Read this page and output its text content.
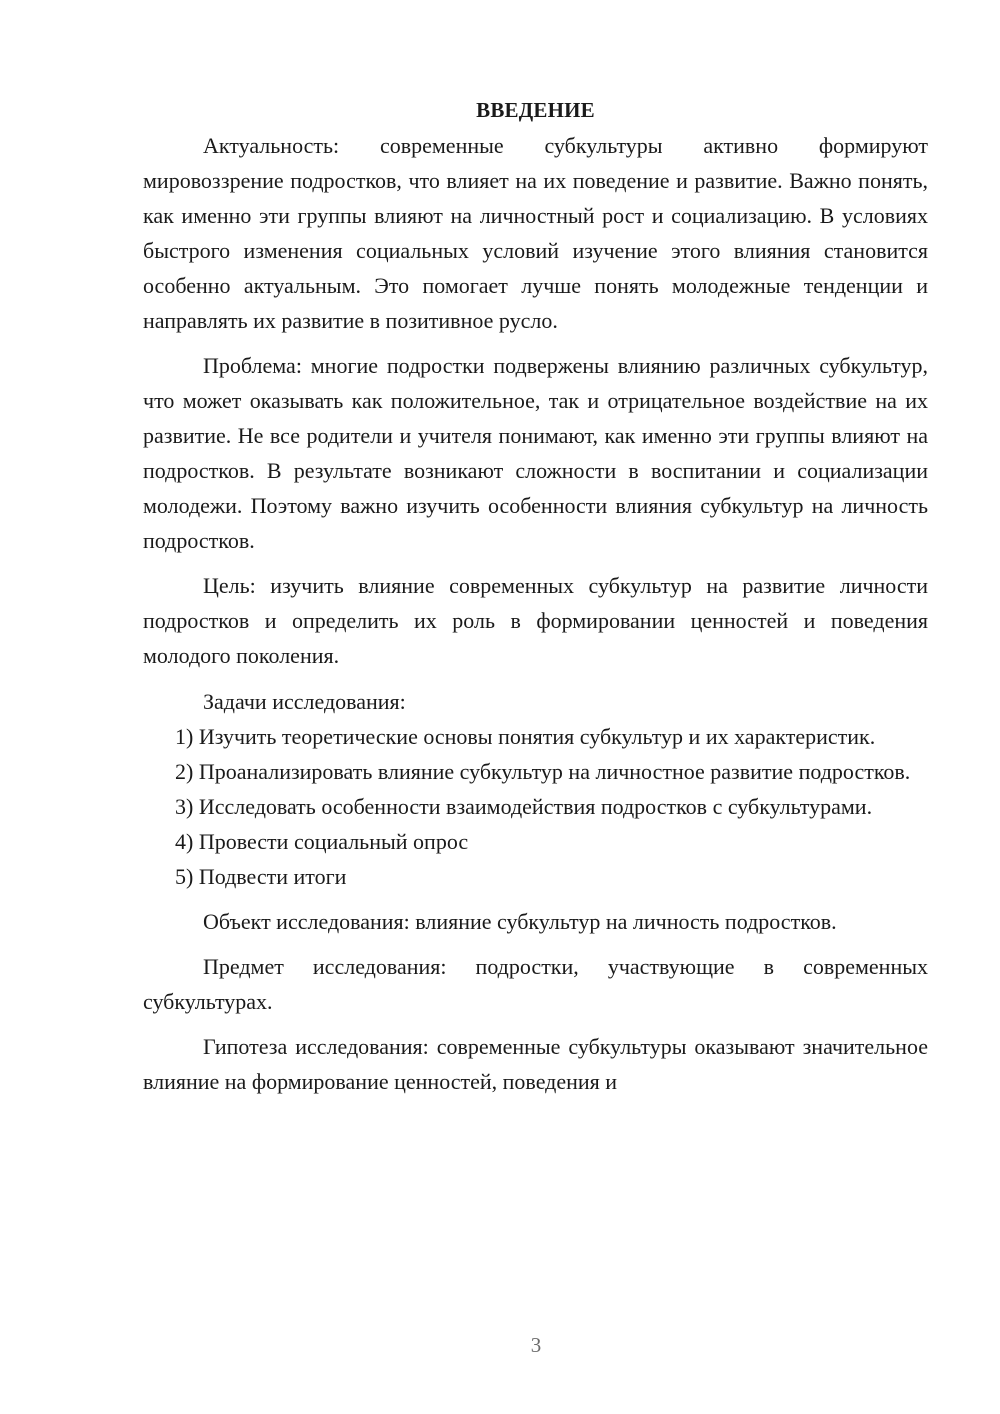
ВВЕДЕНИЕ

Актуальность: современные субкультуры активно формируют мировоззрение подростков, что влияет на их поведение и развитие. Важно понять, как именно эти группы влияют на личностный рост и социализацию. В условиях быстрого изменения социальных условий изучение этого влияния становится особенно актуальным. Это помогает лучше понять молодежные тенденции и направлять их развитие в позитивное русло.

Проблема: многие подростки подвержены влиянию различных субкультур, что может оказывать как положительное, так и отрицательное воздействие на их развитие. Не все родители и учителя понимают, как именно эти группы влияют на подростков. В результате возникают сложности в воспитании и социализации молодежи. Поэтому важно изучить особенности влияния субкультур на личность подростков.

Цель: изучить влияние современных субкультур на развитие личности подростков и определить их роль в формировании ценностей и поведения молодого поколения.

Задачи исследования:

1) Изучить теоретические основы понятия субкультур и их характеристик.

2) Проанализировать влияние субкультур на личностное развитие подростков.

3) Исследовать особенности взаимодействия подростков с субкультурами.

4) Провести социальный опрос

5) Подвести итоги

Объект исследования: влияние субкультур на личность подростков.

Предмет исследования: подростки, участвующие в современных субкультурах.

Гипотеза исследования: современные субкультуры оказывают значительное влияние на формирование ценностей, поведения и

3
